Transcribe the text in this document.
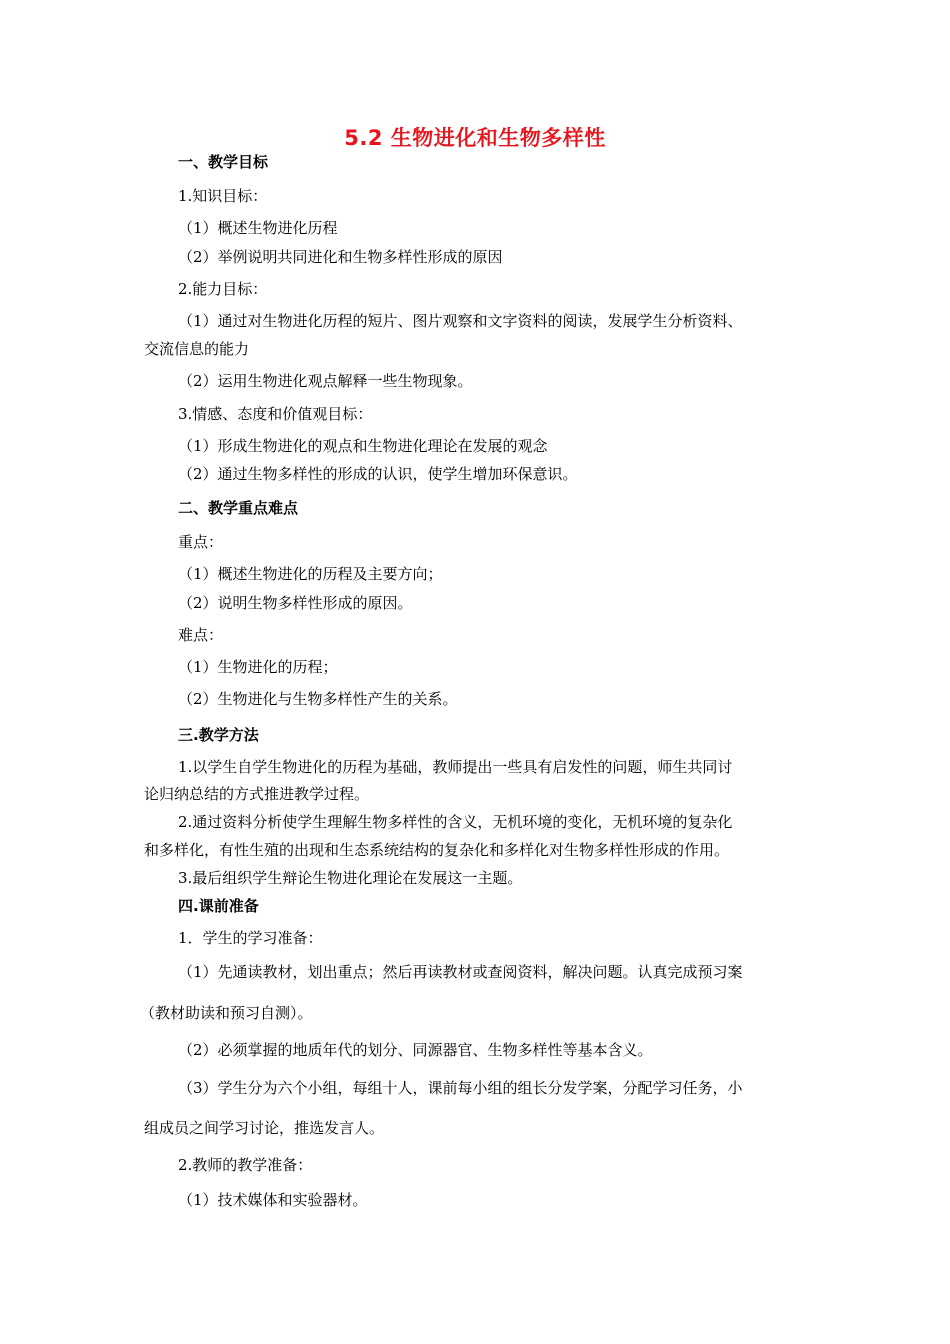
5.2 生物进化和生物多样性
一、教学目标
1.知识目标：
（1）概述生物进化历程
（2）举例说明共同进化和生物多样性形成的原因
2.能力目标：
（1）通过对生物进化历程的短片、图片观察和文字资料的阅读，发展学生分析资料、
交流信息的能力
（2）运用生物进化观点解释一些生物现象。
3.情感、态度和价值观目标：
（1）形成生物进化的观点和生物进化理论在发展的观念
（2）通过生物多样性的形成的认识，使学生增加环保意识。
二、教学重点难点
重点：
（1）概述生物进化的历程及主要方向；
（2）说明生物多样性形成的原因。
难点：
（1）生物进化的历程；
（2）生物进化与生物多样性产生的关系。
三.教学方法
1.以学生自学生物进化的历程为基础，教师提出一些具有启发性的问题，师生共同讨
论归纳总结的方式推进教学过程。
2.通过资料分析使学生理解生物多样性的含义，无机环境的变化，无机环境的复杂化
和多样化，有性生殖的出现和生态系统结构的复杂化和多样化对生物多样性形成的作用。
3.最后组织学生辩论生物进化理论在发展这一主题。
四.课前准备
1．学生的学习准备：
（1）先通读教材，划出重点；然后再读教材或查阅资料，解决问题。认真完成预习案
（教材助读和预习自测）。
（2）必须掌握的地质年代的划分、同源器官、生物多样性等基本含义。
（3）学生分为六个小组，每组十人，课前每小组的组长分发学案，分配学习任务，小
组成员之间学习讨论，推选发言人。
2.教师的教学准备：
（1）技术媒体和实验器材。
